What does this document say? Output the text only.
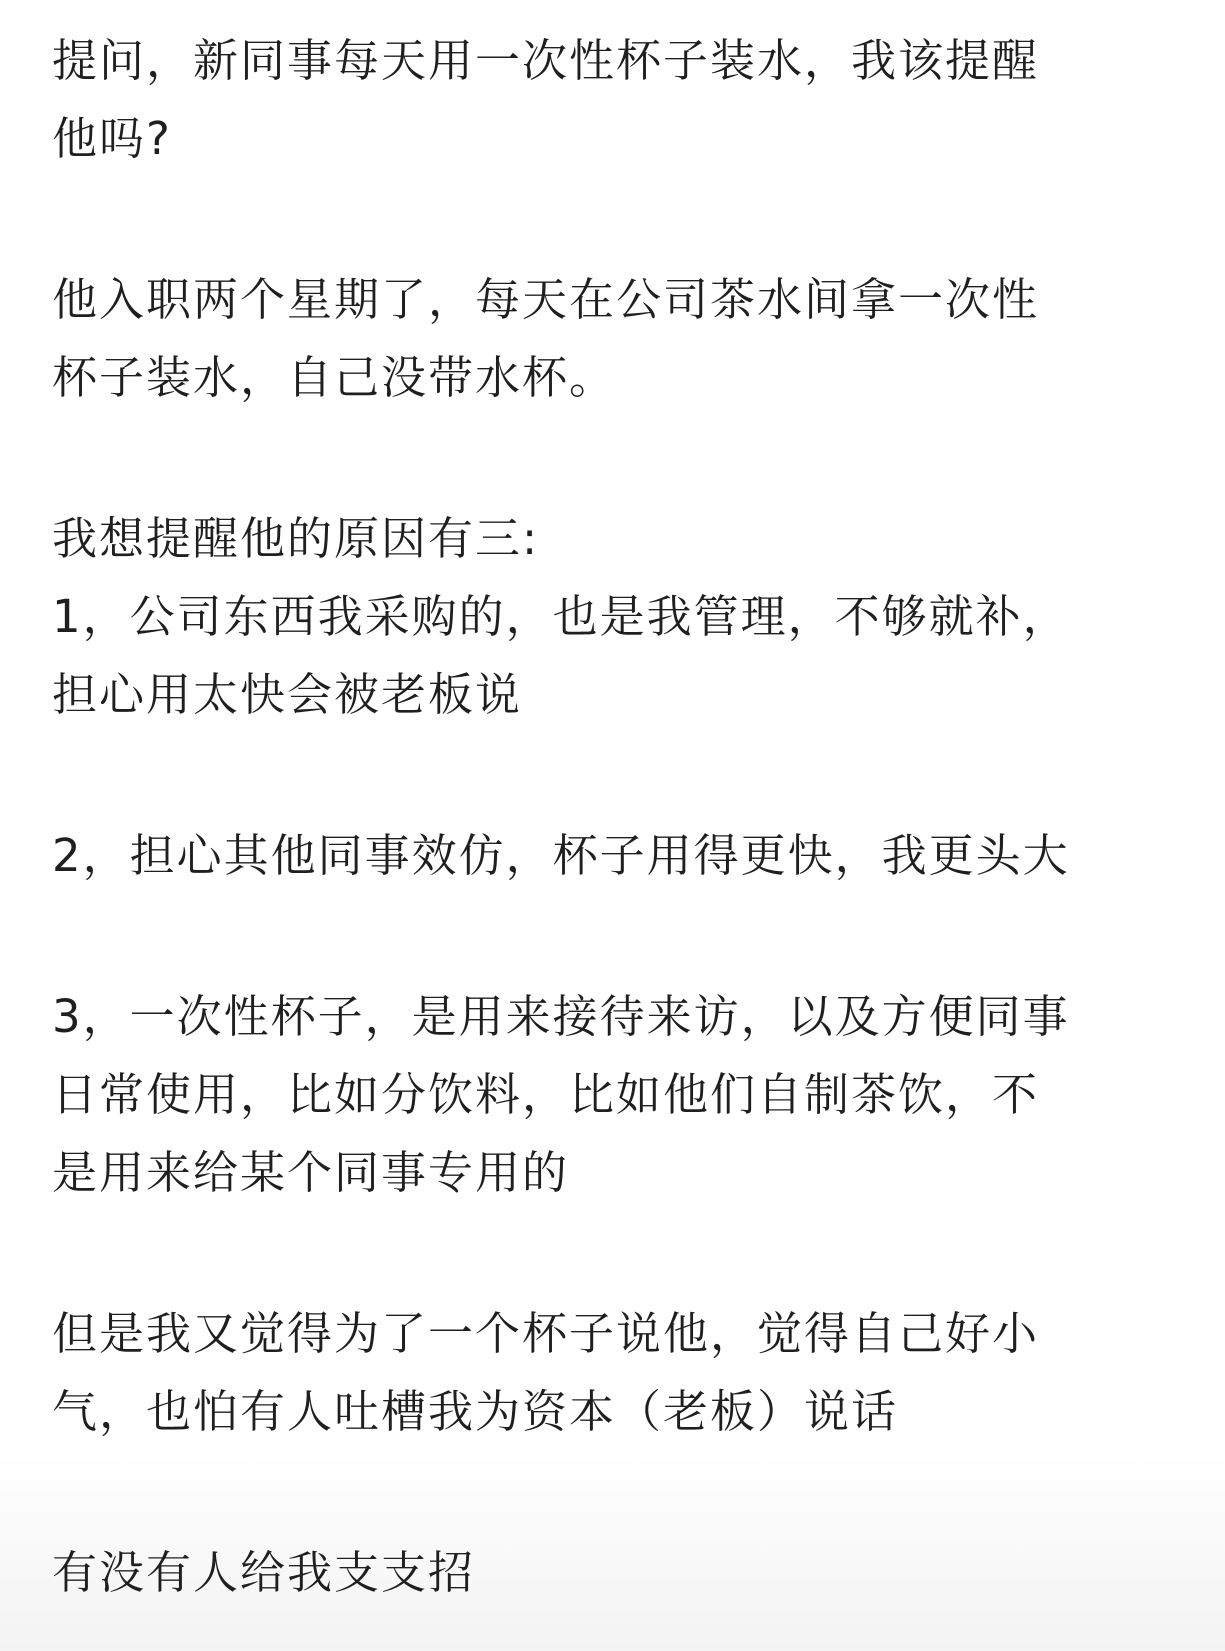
提问，新同事每天用一次性杯子装水，我该提醒
他吗?
他入职两个星期了，每天在公司茶水间拿一次性
杯子装水，自己没带水杯。
我想提醒他的原因有三:
1，公司东西我采购的，也是我管理，不够就补，
担心用太快会被老板说
2，担心其他同事效仿，杯子用得更快，我更头大
3，一次性杯子，是用来接待来访，以及方便同事
日常使用，比如分饮料，比如他们自制茶饮，不
是用来给某个同事专用的
但是我又觉得为了一个杯子说他，觉得自己好小
气，也怕有人吐槽我为资本（老板）说话
有没有人给我支支招
